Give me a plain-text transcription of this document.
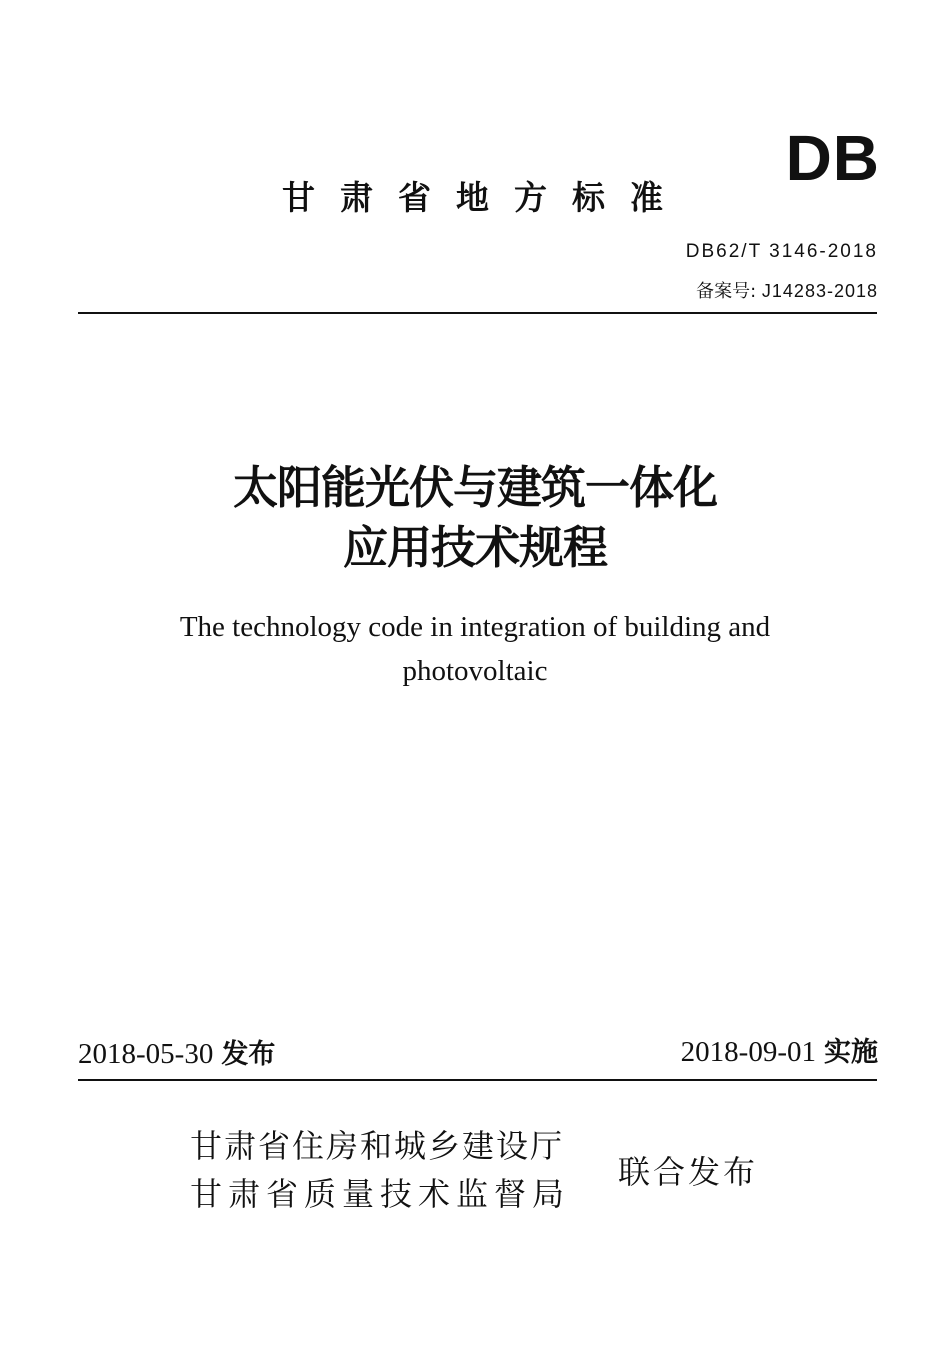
DB
甘肃省地方标准
DB62/T 3146-2018
备案号: J14283-2018
太阳能光伏与建筑一体化
应用技术规程
The technology code in integration of building and
photovoltaic
2018-05-30 发布	2018-09-01 实施
甘肃省住房和城乡建设厅
甘肃省质量技术监督局
联合发布
